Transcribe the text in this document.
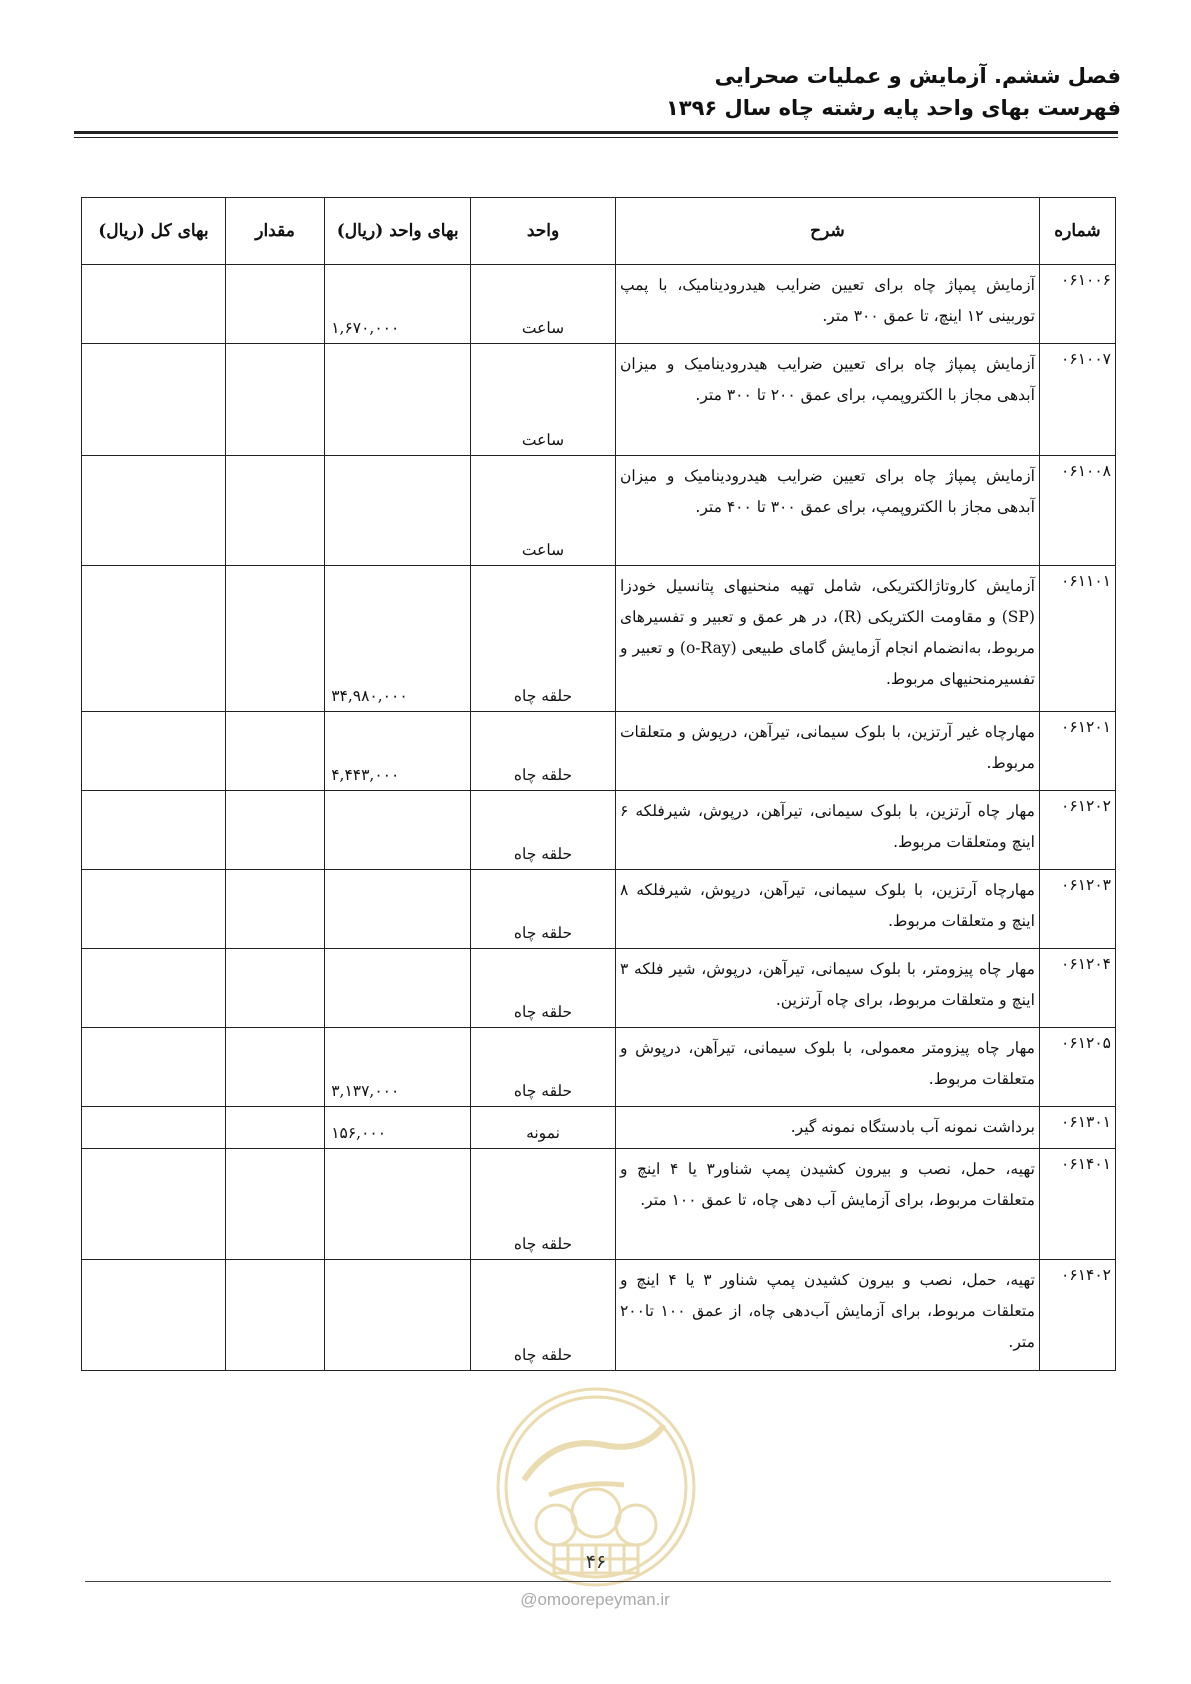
فصل ششم. آزمایش و عملیات صحرایی
فهرست بهای واحد پایه رشته چاه سال ۱۳۹۶
شماره	شرح	واحد	بهای واحد (ریال)	مقدار	بهای کل (ریال)
۰۶۱۰۰۶	آزمایش پمپاژ چاه برای تعیین ضرایب هیدرودینامیک، با پمپ توربینی ۱۲ اینچ، تا عمق ۳۰۰ متر.	ساعت	۱,۶۷۰,۰۰۰		
۰۶۱۰۰۷	آزمایش پمپاژ چاه برای تعیین ضرایب هیدرودینامیک و میزان آبدهی مجاز با الکتروپمپ، برای عمق ۲۰۰ تا ۳۰۰ متر.	ساعت			
۰۶۱۰۰۸	آزمایش پمپاژ چاه برای تعیین ضرایب هیدرودینامیک و میزان آبدهی مجاز با الکتروپمپ، برای عمق ۳۰۰ تا ۴۰۰ متر.	ساعت			
۰۶۱۱۰۱	آزمایش کاروتاژالکتریکی، شامل تهیه منحنیهای پتانسیل خودزا (SP) و مقاومت الکتریکی (R)، در هر عمق و تعبیر و تفسیرهای مربوط، به‌انضمام انجام آزمایش گامای طبیعی (o-Ray) و تعبیر و تفسیرمنحنیهای مربوط.	حلقه چاه	۳۴,۹۸۰,۰۰۰		
۰۶۱۲۰۱	مهارچاه غیر آرتزین، با بلوک سیمانی، تیرآهن، درپوش و متعلقات مربوط.	حلقه چاه	۴,۴۴۳,۰۰۰		
۰۶۱۲۰۲	مهار چاه آرتزین، با بلوک سیمانی، تیرآهن، درپوش، شیرفلکه ۶ اینچ ومتعلقات مربوط.	حلقه چاه			
۰۶۱۲۰۳	مهارچاه آرتزین، با بلوک سیمانی، تیرآهن، درپوش، شیرفلکه ۸ اینچ و متعلقات مربوط.	حلقه چاه			
۰۶۱۲۰۴	مهار چاه پیزومتر، با بلوک سیمانی، تیرآهن، درپوش، شیر فلکه ۳ اینچ و متعلقات مربوط، برای چاه آرتزین.	حلقه چاه			
۰۶۱۲۰۵	مهار چاه پیزومتر معمولی، با بلوک سیمانی، تیرآهن، درپوش و متعلقات مربوط.	حلقه چاه	۳,۱۳۷,۰۰۰		
۰۶۱۳۰۱	برداشت نمونه آب بادستگاه نمونه گیر.	نمونه	۱۵۶,۰۰۰		
۰۶۱۴۰۱	تهیه، حمل، نصب و بیرون کشیدن پمپ شناور۳ یا ۴ اینچ و متعلقات مربوط، برای آزمایش آب دهی چاه، تا عمق ۱۰۰ متر.	حلقه چاه			
۰۶۱۴۰۲	تهیه، حمل، نصب و بیرون کشیدن پمپ شناور ۳ یا ۴ اینچ و متعلقات مربوط، برای آزمایش آب‌دهی چاه، از عمق ۱۰۰ تا۲۰۰ متر.	حلقه چاه			
۴۶
@omoorepeyman.ir
